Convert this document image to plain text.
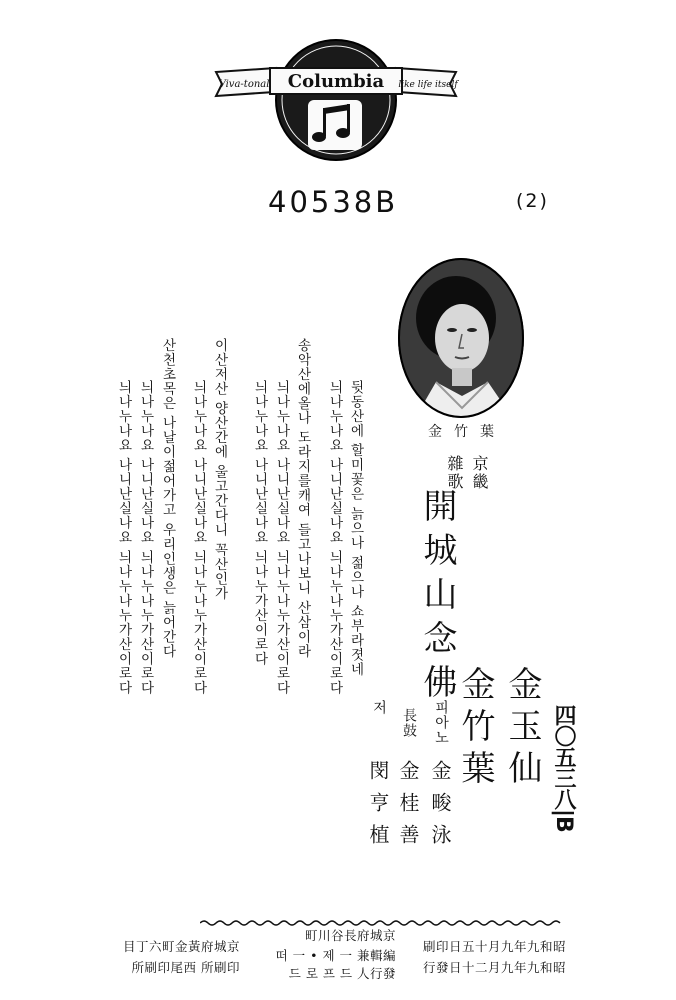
Columbia
Viva-tonal	like life itself
40538B	(2)
金竹葉
뒷동산에 할미꽃은 늙으나 젊으나 쇼부라졋네
늬나누나요 나니난실나요 늬나누나누가산이로다
송악산에올나 도라지를캐여 들고나보니 산삼이라
늬나누나요 나니난실나요 늬나누나누가산이로다
늬나누나요 나니난실나요 늬나누가산이로다
이산저산 양산간에 울고간다니 꼭산인가
늬나누나요 나니난실나요 늬나누나누가산이로다
산천초목은 나날이젊어가고 우리인생은 늙어간다
늬나누나요 나니난실나요 늬나누나누가산이로다
늬나누나요 나니난실나요 늬나누나누가산이로다	京畿
雜歌
開城山念佛
金玉仙
金竹葉
피아노
金畯泳
長鼓
金桂善
저
閔亨植	四〇五三八|B
昭和九年九月十五日印刷
昭和九年九月二十日發行
京城府長谷川町
編輯兼 一 제 • 一 떠
發行人 드 프 로 드
京城府黃金町六丁目
印刷所 西尾印刷所
